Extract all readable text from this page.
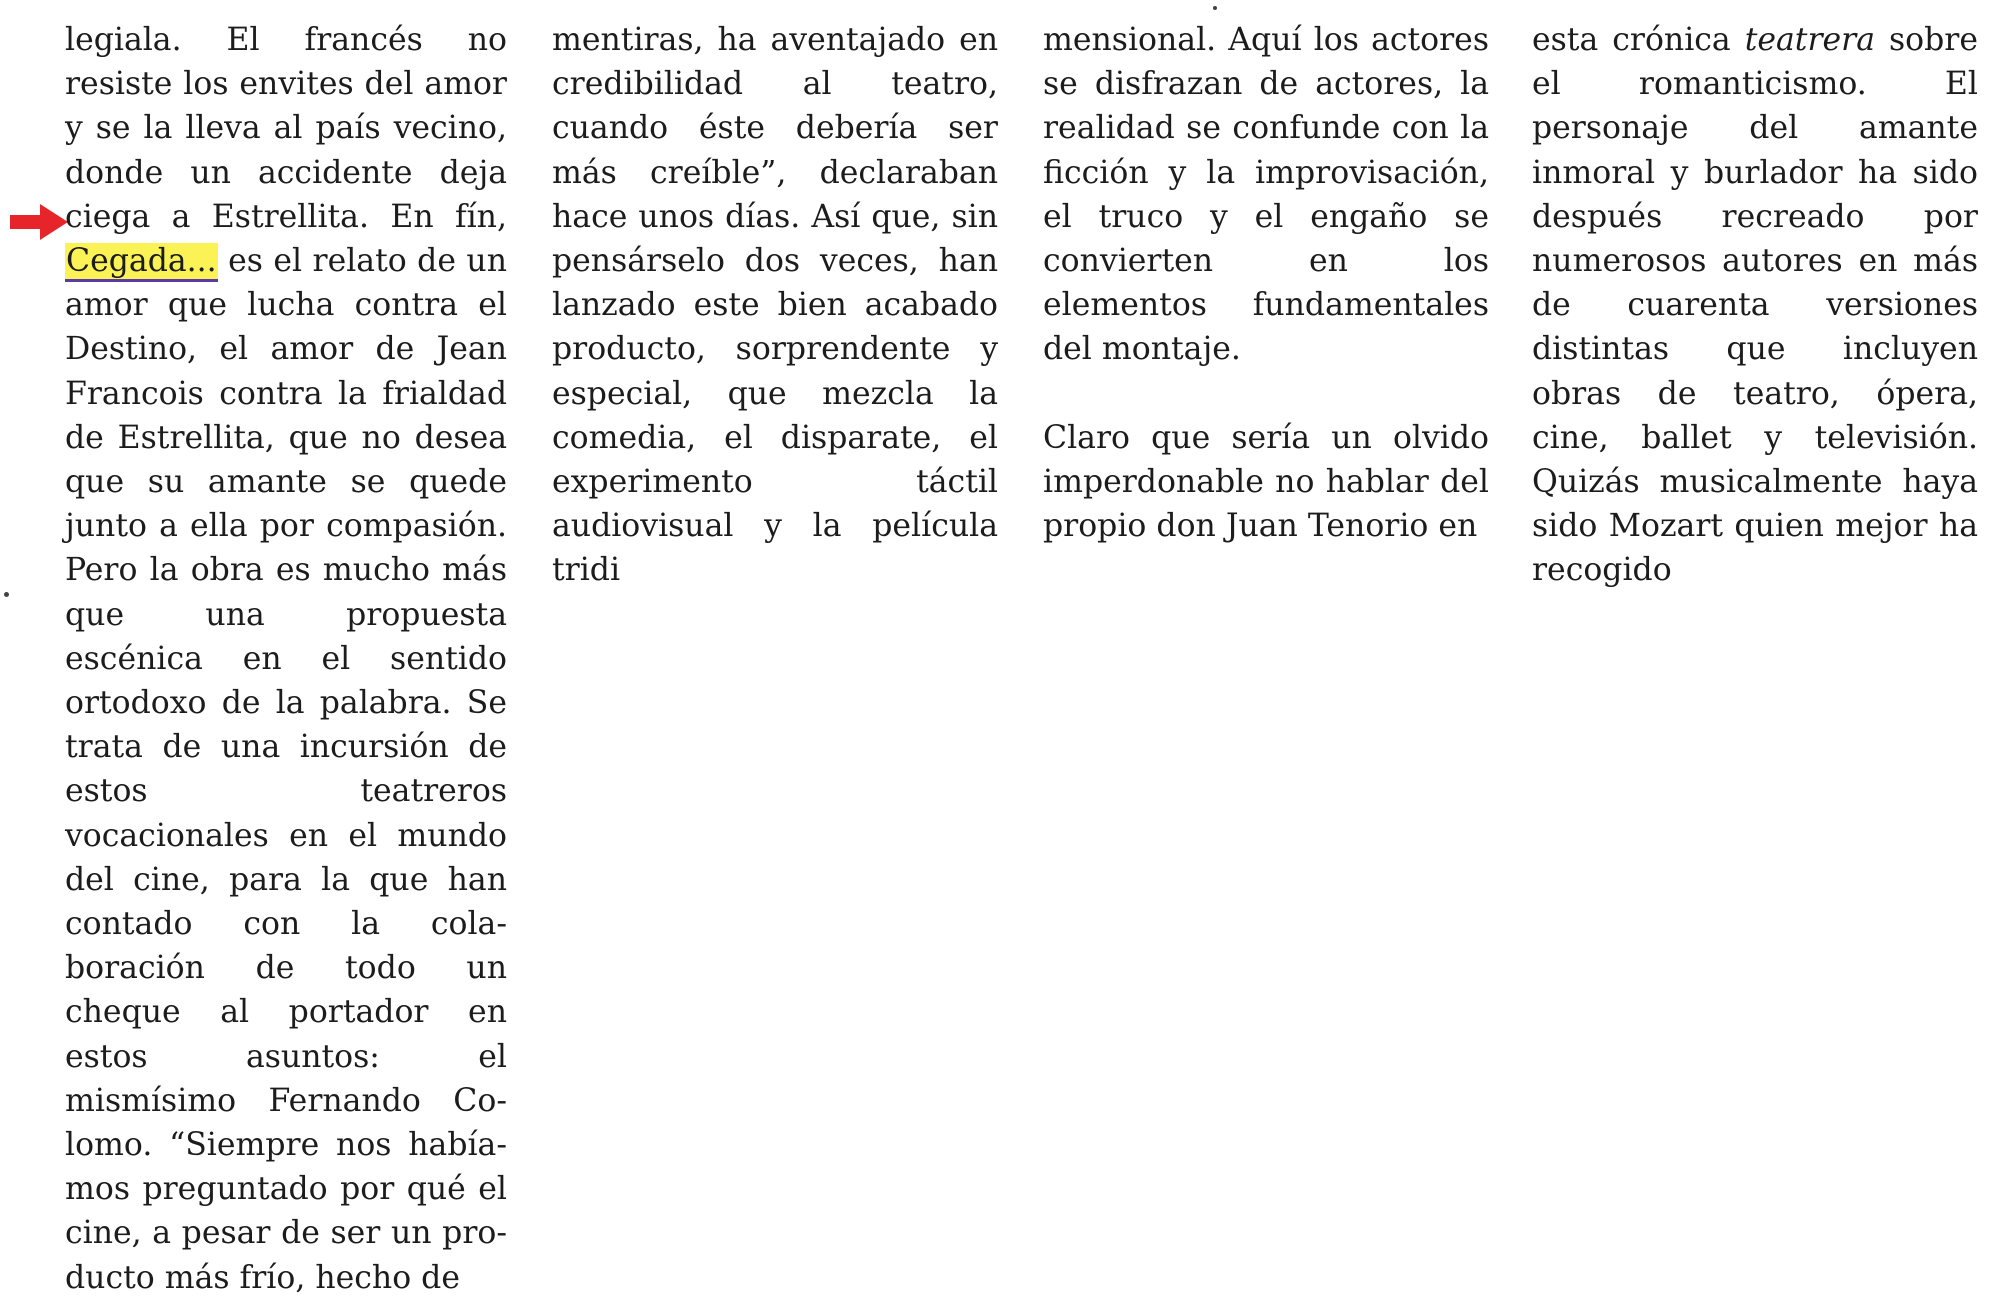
legiala. El francés no resiste los envites del amor y se la lleva al país vecino, donde un accidente deja ciega a Estrellita. En fín, Cegada... es el relato de un amor que lucha contra el Destino, el amor de Jean Francois contra la frialdad de Estrellita, que no desea que su amante se quede junto a ella por compasión. Pero la obra es mucho más que una propuesta escénica en el sentido ortodoxo de la palabra. Se trata de una incursión de estos teatreros vocacionales en el mundo del cine, para la que han contado con la colaboración de todo un cheque al portador en estos asuntos: el mismísimo Fernando Colomo. “Siempre nos habíamos preguntado por qué el cine, a pesar de ser un producto más frío, hecho de

mentiras, ha aventajado en credibilidad al teatro, cuando éste debería ser más creíble”, declaraban hace unos días. Así que, sin pensárselo dos veces, han lanzado este bien acabado producto, sorprendente y especial, que mezcla la comedia, el disparate, el experimento táctil audiovisual y la película tridi

mensional. Aquí los actores se disfrazan de actores, la realidad se confunde con la ficción y la improvisación, el truco y el engaño se convierten en los elementos fundamentales del montaje.

Claro que sería un olvido imperdonable no hablar del propio don Juan Tenorio en

esta crónica teatrera sobre el romanticismo. El personaje del amante inmoral y burlador ha sido después recreado por numerosos autores en más de cuarenta versiones distintas que incluyen obras de teatro, ópera, cine, ballet y televisión. Quizás musicalmente haya sido Mozart quien mejor ha recogido
